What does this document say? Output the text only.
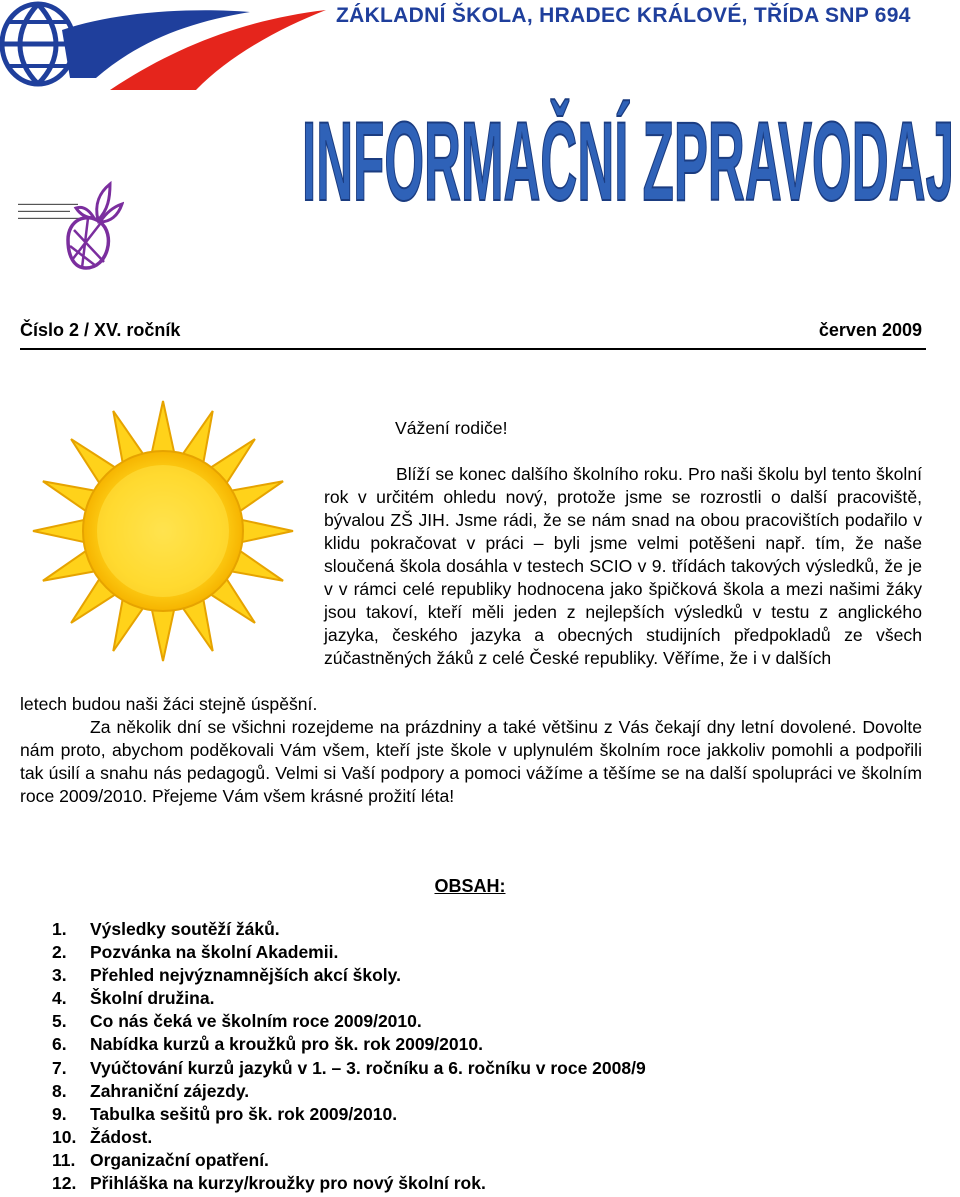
ZÁKLADNÍ ŠKOLA, HRADEC KRÁLOVÉ, TŘÍDA SNP 694
INFORMAČNÍ ZPRAVODAJ
▬▬▬▬▬▬▬▬▬▬▬▬▬▬▬
▬▬▬▬▬▬▬▬▬▬▬▬▬
▬▬▬▬▬▬▬▬▬▬▬▬▬▬▬▬▬
Číslo 2 / XV. ročník	červen 2009
Vážení rodiče!
Blíží se konec dalšího školního roku. Pro naši školu byl tento školní rok v určitém ohledu nový, protože jsme se rozrostli o další pracoviště, bývalou ZŠ JIH. Jsme rádi, že se nám snad na obou pracovištích podařilo v klidu pokračovat v práci – byli jsme velmi potěšeni např. tím, že naše sloučená škola dosáhla v testech SCIO v 9. třídách takových výsledků, že je v v rámci celé republiky hodnocena jako špičková škola a mezi našimi žáky jsou takoví, kteří měli jeden z nejlepších výsledků v testu z anglického jazyka, českého jazyka a obecných studijních předpokladů ze všech zúčastněných žáků z celé České republiky. Věříme, že i v dalších
letech budou naši žáci stejně úspěšní.
Za několik dní se všichni rozejdeme na prázdniny a také většinu z Vás čekají dny letní dovolené. Dovolte nám proto, abychom poděkovali Vám všem, kteří jste škole v uplynulém školním roce jakkoliv pomohli a podpořili tak úsilí a snahu nás pedagogů. Velmi si Vaší podpory a pomoci vážíme a těšíme se na další spolupráci ve školním roce 2009/2010. Přejeme Vám všem krásné prožití léta!
OBSAH:
1. Výsledky soutěží žáků.
2. Pozvánka na školní Akademii.
3. Přehled nejvýznamnějších akcí školy.
4. Školní družina.
5. Co nás čeká ve školním roce 2009/2010.
6. Nabídka kurzů a kroužků pro šk. rok 2009/2010.
7. Vyúčtování kurzů jazyků v 1. – 3. ročníku a 6. ročníku v roce 2008/9
8. Zahraniční zájezdy.
9. Tabulka sešitů pro šk. rok 2009/2010.
10. Žádost.
11. Organizační opatření.
12. Přihláška na kurzy/kroužky pro nový školní rok.
